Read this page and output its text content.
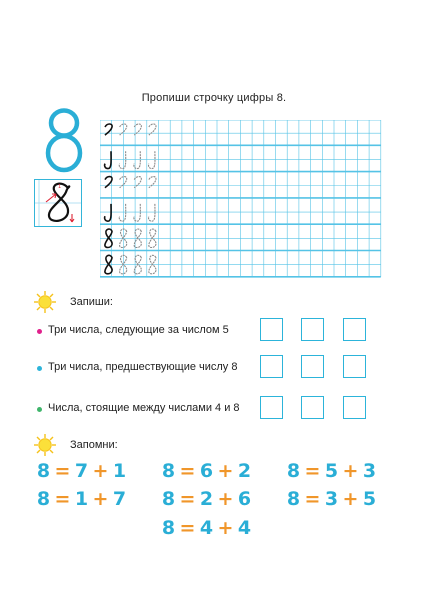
Пропиши строчку цифры 8.
1
Запиши:
Три числа, следующие за числом 5
Три числа, предшествующие числу 8
Числа, стоящие между числами 4 и 8
Запомни:
8 = 7 + 1 8 = 6 + 2 8 = 5 + 3
8 = 1 + 7 8 = 2 + 6 8 = 3 + 5
8 = 4 + 4
